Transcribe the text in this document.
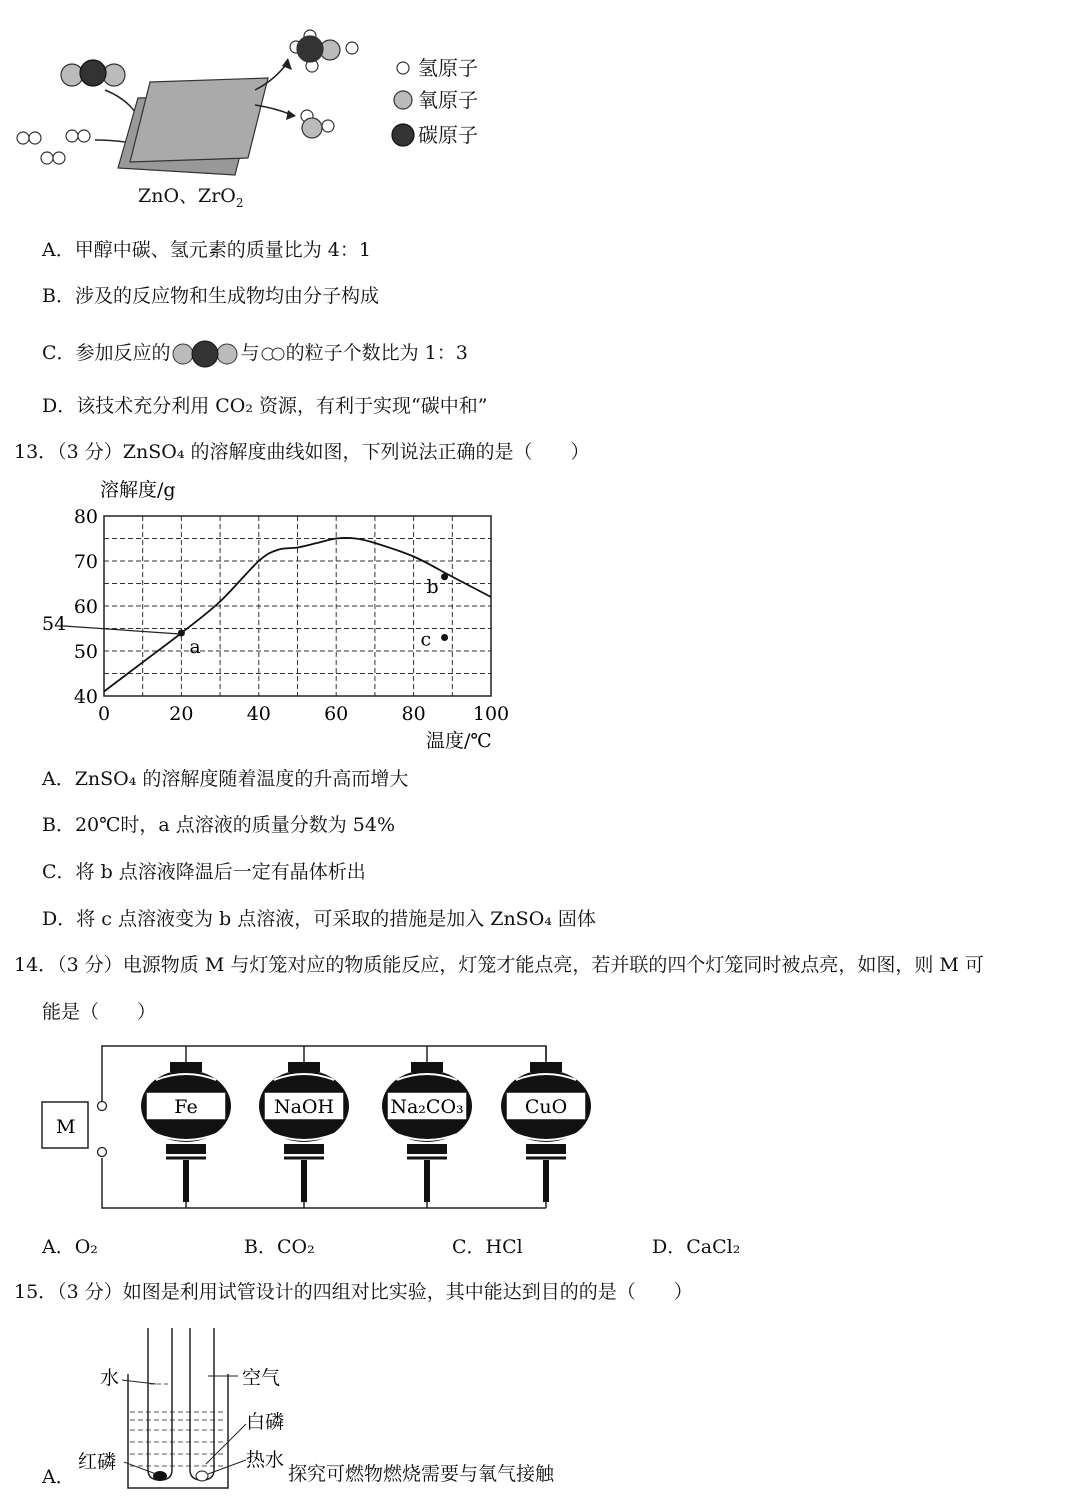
氢原子
氧原子
碳原子
ZnO、ZrO$_2$
A．甲醇中碳、氢元素的质量比为 4：1
B．涉及的反应物和生成物均由分子构成
C．参加反应的	与 的粒子个数比为 1：3
D．该技术充分利用 CO₂ 资源，有利于实现“碳中和”
13．（3 分）ZnSO₄ 的溶解度曲线如图，下列说法正确的是（　　）
溶解度/g
0	20	40	60	80 100
40
50
60
70
80
a
b
c
54
温度/℃
A．ZnSO₄ 的溶解度随着温度的升高而增大
B．20℃时，a 点溶液的质量分数为 54%
C．将 b 点溶液降温后一定有晶体析出
D．将 c 点溶液变为 b 点溶液，可采取的措施是加入 ZnSO₄ 固体
14．（3 分）电源物质 M 与灯笼对应的物质能反应，灯笼才能点亮，若并联的四个灯笼同时被点亮，如图，则 M 可
能是（　　）
M
Fe	NaOH	Na₂CO₃	CuO
A．O₂	B．CO₂	C．HCl	D．CaCl₂
15．（3 分）如图是利用试管设计的四组对比实验，其中能达到目的的是（　　）
水	空气
白磷
红磷	热水
A．	探究可燃物燃烧需要与氧气接触
